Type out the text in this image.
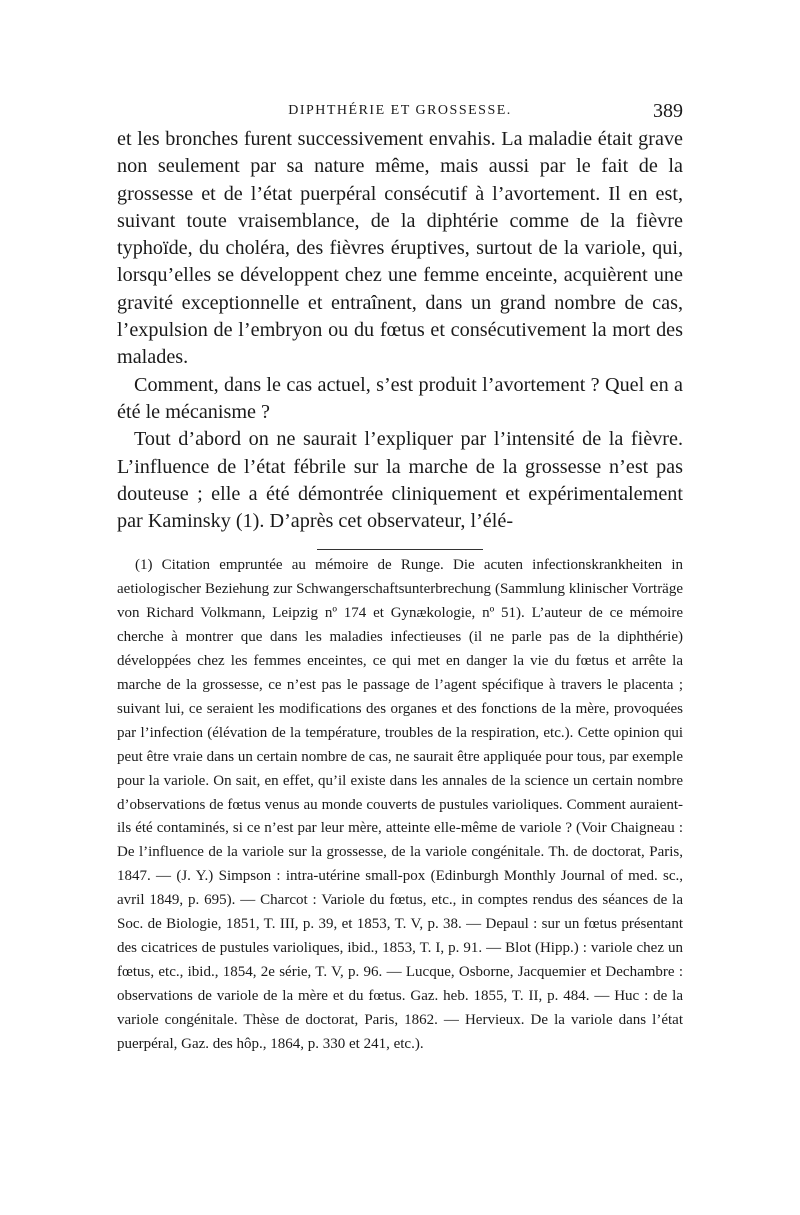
DIPHTHÉRIE ET GROSSESSE.	389

et les bronches furent successivement envahis. La maladie était grave non seulement par sa nature même, mais aussi par le fait de la grossesse et de l’état puerpéral consécutif à l’avortement. Il en est, suivant toute vraisemblance, de la diphtérie comme de la fièvre typhoïde, du choléra, des fièvres éruptives, surtout de la variole, qui, lorsqu’elles se développent chez une femme enceinte, acquièrent une gravité exceptionnelle et entraînent, dans un grand nombre de cas, l’expulsion de l’embryon ou du fœtus et consécutivement la mort des malades.

Comment, dans le cas actuel, s’est produit l’avortement ? Quel en a été le mécanisme ?

Tout d’abord on ne saurait l’expliquer par l’intensité de la fièvre. L’influence de l’état fébrile sur la marche de la grossesse n’est pas douteuse ; elle a été démontrée cliniquement et expérimentalement par Kaminsky (1). D’après cet observateur, l’élé-

(1) Citation empruntée au mémoire de Runge. Die acuten infectionskrankheiten in aetiologischer Beziehung zur Schwangerschaftsunterbrechung (Sammlung klinischer Vorträge von Richard Volkmann, Leipzig nº 174 et Gynækologie, nº 51). L’auteur de ce mémoire cherche à montrer que dans les maladies infectieuses (il ne parle pas de la diphthérie) développées chez les femmes enceintes, ce qui met en danger la vie du fœtus et arrête la marche de la grossesse, ce n’est pas le passage de l’agent spécifique à travers le placenta ; suivant lui, ce seraient les modifications des organes et des fonctions de la mère, provoquées par l’infection (élévation de la température, troubles de la respiration, etc.). Cette opinion qui peut être vraie dans un certain nombre de cas, ne saurait être appliquée pour tous, par exemple pour la variole. On sait, en effet, qu’il existe dans les annales de la science un certain nombre d’observations de fœtus venus au monde couverts de pustules varioliques. Comment auraient-ils été contaminés, si ce n’est par leur mère, atteinte elle-même de variole ? (Voir Chaigneau : De l’influence de la variole sur la grossesse, de la variole congénitale. Th. de doctorat, Paris, 1847. — (J. Y.) Simpson : intra-utérine small-pox (Edinburgh Monthly Journal of med. sc., avril 1849, p. 695). — Charcot : Variole du fœtus, etc., in comptes rendus des séances de la Soc. de Biologie, 1851, T. III, p. 39, et 1853, T. V, p. 38. — Depaul : sur un fœtus présentant des cicatrices de pustules varioliques, ibid., 1853, T. I, p. 91. — Blot (Hipp.) : variole chez un fœtus, etc., ibid., 1854, 2e série, T. V, p. 96. — Lucque, Osborne, Jacquemier et Dechambre : observations de variole de la mère et du fœtus. Gaz. heb. 1855, T. II, p. 484. — Huc : de la variole congénitale. Thèse de doctorat, Paris, 1862. — Hervieux. De la variole dans l’état puerpéral, Gaz. des hôp., 1864, p. 330 et 241, etc.).
